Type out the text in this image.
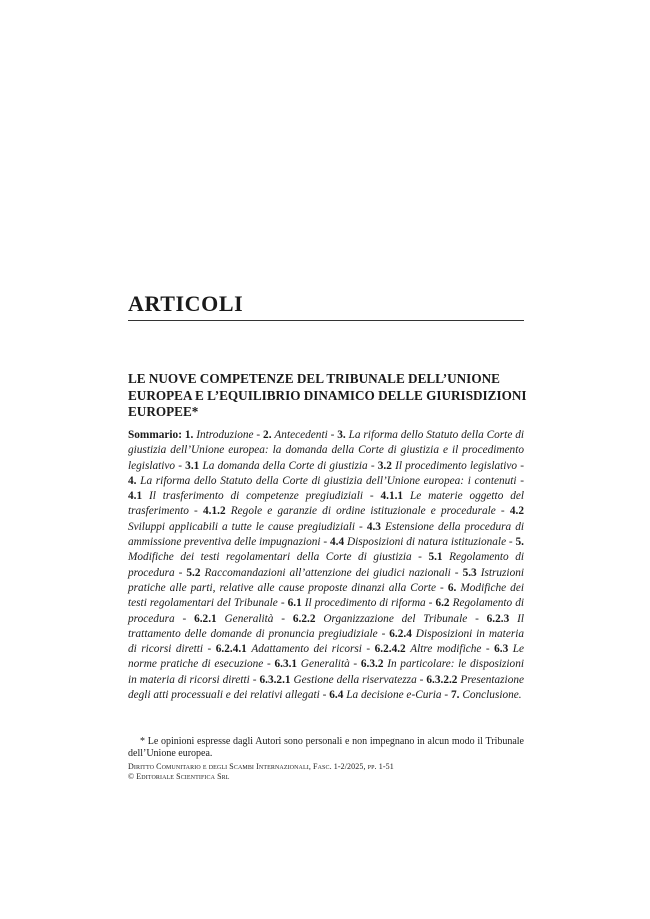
ARTICOLI
LE NUOVE COMPETENZE DEL TRIBUNALE DELL’UNIONE EUROPEA E L’EQUILIBRIO DINAMICO DELLE GIURISDIZIONI EUROPEE*

Sommario: 1. Introduzione - 2. Antecedenti - 3. La riforma dello Statuto della Corte di giustizia dell’Unione europea: la domanda della Corte di giustizia e il procedimento legislativo - 3.1 La domanda della Corte di giustizia - 3.2 Il procedimento legislativo - 4. La riforma dello Statuto della Corte di giustizia dell’Unione europea: i contenuti - 4.1 Il trasferimento di competenze pregiudiziali - 4.1.1 Le materie oggetto del trasferimento - 4.1.2 Regole e garanzie di ordine istituzionale e procedurale - 4.2 Sviluppi applicabili a tutte le cause pregiudiziali - 4.3 Estensione della procedura di ammissione preventiva delle impugnazioni - 4.4 Disposizioni di natura istituzionale - 5. Modifiche dei testi regolamentari della Corte di giustizia - 5.1 Regolamento di procedura - 5.2 Raccomandazioni all’attenzione dei giudici nazionali - 5.3 Istruzioni pratiche alle parti, relative alle cause proposte dinanzi alla Corte - 6. Modifiche dei testi regolamentari del Tribunale - 6.1 Il procedimento di riforma - 6.2 Regolamento di procedura - 6.2.1 Generalità - 6.2.2 Organizzazione del Tribunale - 6.2.3 Il trattamento delle domande di pronuncia pregiudiziale - 6.2.4 Disposizioni in materia di ricorsi diretti - 6.2.4.1 Adattamento dei ricorsi - 6.2.4.2 Altre modifiche - 6.3 Le norme pratiche di esecuzione - 6.3.1 Generalità - 6.3.2 In particolare: le disposizioni in materia di ricorsi diretti - 6.3.2.1 Gestione della riservatezza - 6.3.2.2 Presentazione degli atti processuali e dei relativi allegati - 6.4 La decisione e-Curia - 7. Conclusione.

* Le opinioni espresse dagli Autori sono personali e non impegnano in alcun modo il Tribunale dell’Unione europea.

Diritto Comunitario e degli Scambi Internazionali, Fasc. 1-2/2025, pp. 1-51
© Editoriale Scientifica Srl
